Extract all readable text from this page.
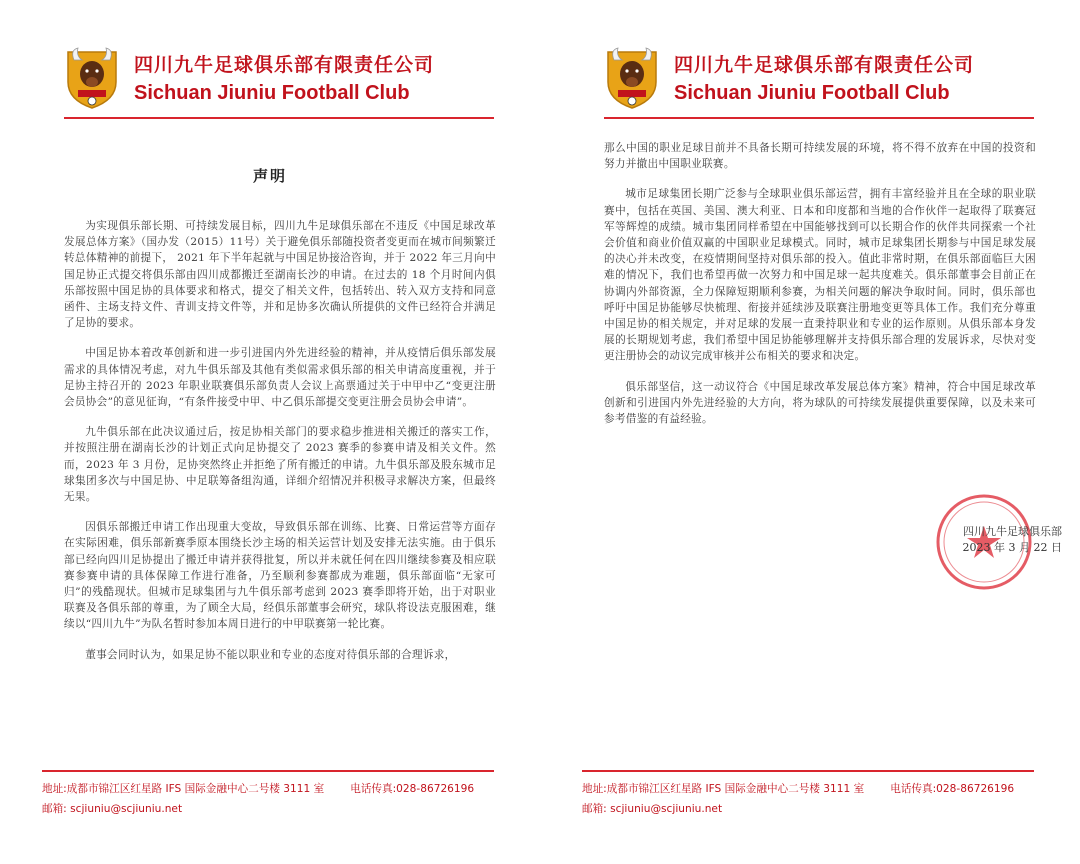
四川九牛足球俱乐部有限责任公司
Sichuan Jiuniu Football Club
声明

为实现俱乐部长期、可持续发展目标，四川九牛足球俱乐部在不违反《中国足球改革发展总体方案》（国办发（2015）11号）关于避免俱乐部随投资者变更而在城市间频繁迁转总体精神的前提下， 2021 年下半年起就与中国足协接洽咨询，并于 2022 年三月向中国足协正式提交将俱乐部由四川成都搬迁至湖南长沙的申请。在过去的 18 个月时间内俱乐部按照中国足协的具体要求和格式，提交了相关文件，包括转出、转入双方支持和同意函件、主场支持文件、青训支持文件等，并和足协多次确认所提供的文件已经符合并满足了足协的要求。

中国足协本着改革创新和进一步引进国内外先进经验的精神，并从疫情后俱乐部发展需求的具体情况考虑，对九牛俱乐部及其他有类似需求俱乐部的相关申请高度重视，并于足协主持召开的 2023 年职业联赛俱乐部负责人会议上高票通过关于中甲中乙“变更注册会员协会”的意见征询，“有条件接受中甲、中乙俱乐部提交变更注册会员协会申请”。

九牛俱乐部在此决议通过后，按足协相关部门的要求稳步推进相关搬迁的落实工作，并按照注册在湖南长沙的计划正式向足协提交了 2023 赛季的参赛申请及相关文件。然而，2023 年 3 月份，足协突然终止并拒绝了所有搬迁的申请。九牛俱乐部及股东城市足球集团多次与中国足协、中足联筹备组沟通，详细介绍情况并积极寻求解决方案，但最终无果。

因俱乐部搬迁申请工作出现重大变故，导致俱乐部在训练、比赛、日常运营等方面存在实际困难，俱乐部新赛季原本围绕长沙主场的相关运营计划及安排无法实施。由于俱乐部已经向四川足协提出了搬迁申请并获得批复，所以并未就任何在四川继续参赛及相应联赛参赛申请的具体保障工作进行准备，乃至顺利参赛都成为难题，俱乐部面临“无家可归”的残酷现状。但城市足球集团与九牛俱乐部考虑到 2023 赛季即将开始，出于对职业联赛及各俱乐部的尊重，为了顾全大局，经俱乐部董事会研究，球队将设法克服困难，继续以“四川九牛”为队名暂时参加本周日进行的中甲联赛第一轮比赛。

董事会同时认为，如果足协不能以职业和专业的态度对待俱乐部的合理诉求，

地址:成都市锦江区红星路 IFS 国际金融中心二号楼 3111 室 电话传真:028-86726196
邮箱: scjiuniu@scjiuniu.net
四川九牛足球俱乐部有限责任公司
Sichuan Jiuniu Football Club

那么中国的职业足球目前并不具备长期可持续发展的环境，将不得不放弃在中国的投资和努力并撤出中国职业联赛。

城市足球集团长期广泛参与全球职业俱乐部运营，拥有丰富经验并且在全球的职业联赛中，包括在英国、美国、澳大利亚、日本和印度都和当地的合作伙伴一起取得了联赛冠军等辉煌的成绩。城市集团同样希望在中国能够找到可以长期合作的伙伴共同探索一个社会价值和商业价值双赢的中国职业足球模式。同时，城市足球集团长期参与中国足球发展的决心并未改变，在疫情期间坚持对俱乐部的投入。值此非常时期，在俱乐部面临巨大困难的情况下，我们也希望再做一次努力和中国足球一起共度难关。俱乐部董事会目前正在协调内外部资源，全力保障短期顺利参赛，为相关问题的解决争取时间。同时，俱乐部也呼吁中国足协能够尽快梳理、衔接并延续涉及联赛注册地变更等具体工作。我们充分尊重中国足协的相关规定，并对足球的发展一直秉持职业和专业的运作原则。从俱乐部本身发展的长期规划考虑，我们希望中国足协能够理解并支持俱乐部合理的发展诉求，尽快对变更注册协会的动议完成审核并公布相关的要求和决定。

俱乐部坚信，这一动议符合《中国足球改革发展总体方案》精神，符合中国足球改革创新和引进国内外先进经验的大方向，将为球队的可持续发展提供重要保障，以及未来可参考借鉴的有益经验。

四川九牛足球俱乐部
2023 年 3 月 22 日
地址:成都市锦江区红星路 IFS 国际金融中心二号楼 3111 室 电话传真:028-86726196
邮箱: scjiuniu@scjiuniu.net
